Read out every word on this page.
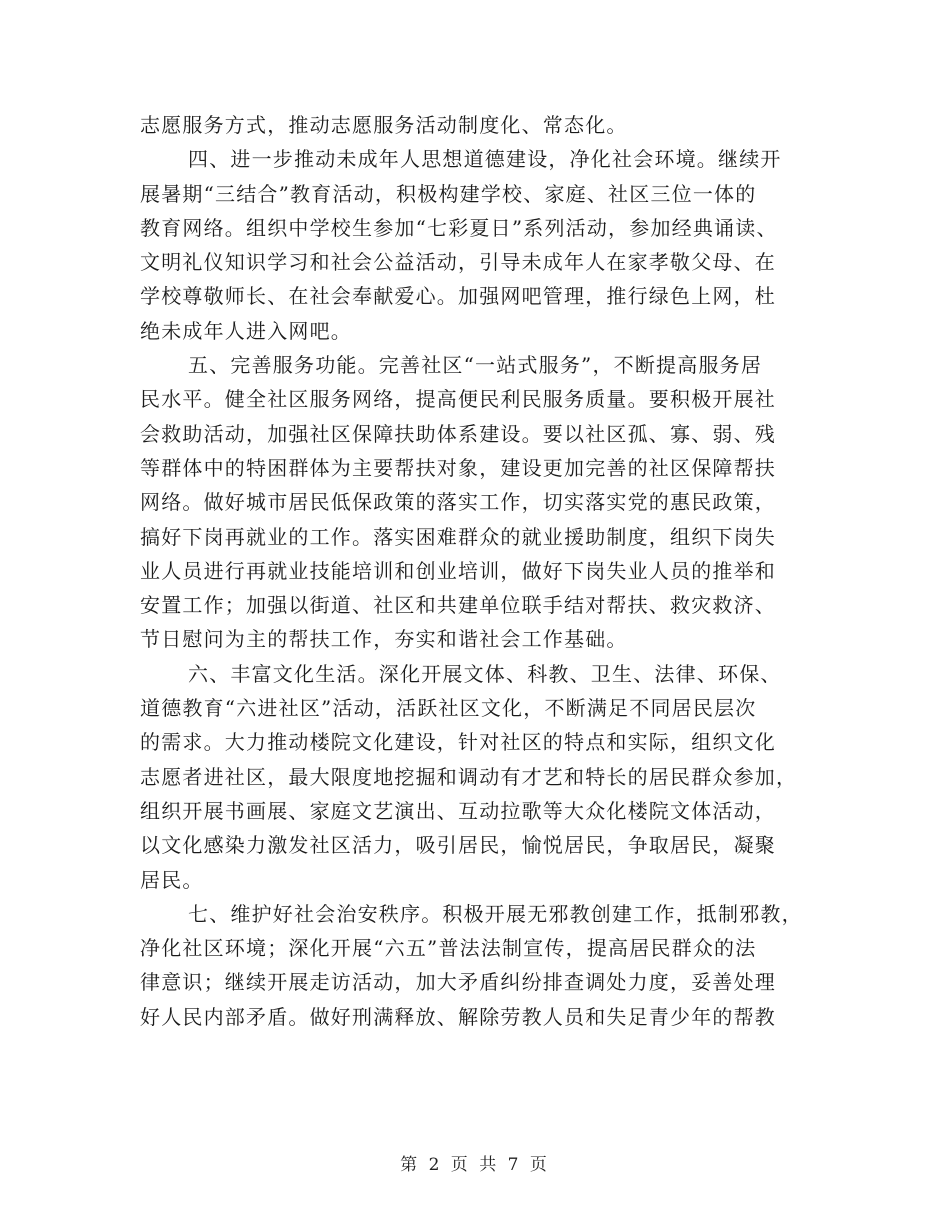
志愿服务方式，推动志愿服务活动制度化、常态化。
四、进一步推动未成年人思想道德建设，净化社会环境。继续开
展暑期“三结合”教育活动，积极构建学校、家庭、社区三位一体的
教育网络。组织中学校生参加“七彩夏日”系列活动，参加经典诵读、
文明礼仪知识学习和社会公益活动，引导未成年人在家孝敬父母、在
学校尊敬师长、在社会奉献爱心。加强网吧管理，推行绿色上网，杜
绝未成年人进入网吧。
五、完善服务功能。完善社区“一站式服务”，不断提高服务居
民水平。健全社区服务网络，提高便民利民服务质量。要积极开展社
会救助活动，加强社区保障扶助体系建设。要以社区孤、寡、弱、残
等群体中的特困群体为主要帮扶对象，建设更加完善的社区保障帮扶
网络。做好城市居民低保政策的落实工作，切实落实党的惠民政策，
搞好下岗再就业的工作。落实困难群众的就业援助制度，组织下岗失
业人员进行再就业技能培训和创业培训，做好下岗失业人员的推举和
安置工作；加强以街道、社区和共建单位联手结对帮扶、救灾救济、
节日慰问为主的帮扶工作，夯实和谐社会工作基础。
六、丰富文化生活。深化开展文体、科教、卫生、法律、环保、
道德教育“六进社区”活动，活跃社区文化，不断满足不同居民层次
的需求。大力推动楼院文化建设，针对社区的特点和实际，组织文化
志愿者进社区，最大限度地挖掘和调动有才艺和特长的居民群众参加，
组织开展书画展、家庭文艺演出、互动拉歌等大众化楼院文体活动，
以文化感染力激发社区活力，吸引居民，愉悦居民，争取居民，凝聚
居民。
七、维护好社会治安秩序。积极开展无邪教创建工作，抵制邪教，
净化社区环境；深化开展“六五”普法法制宣传，提高居民群众的法
律意识；继续开展走访活动，加大矛盾纠纷排查调处力度，妥善处理
好人民内部矛盾。做好刑满释放、解除劳教人员和失足青少年的帮教
第 2 页 共 7 页
